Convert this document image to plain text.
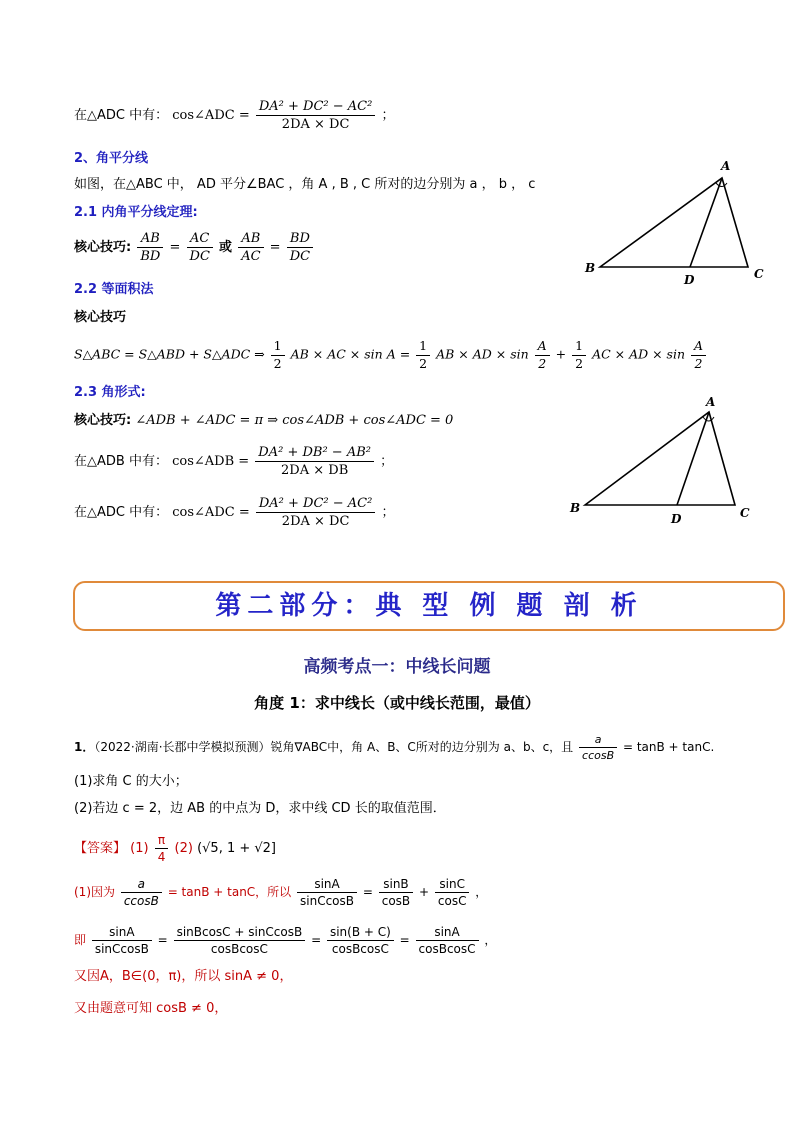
在△ADC 中有： cos∠ADC = $\frac{\text{DA² + DC² − AC²}}{2DA \times DC}$ ；
2、角平分线
如图，在△ABC 中， AD 平分∠BAC ，角 A , B , C 所对的边分别为 a ， b ， c
2.1 内角平分线定理:
核心技巧: $\frac{AB}{BD} = \frac{AC}{DC}$ 或 $\frac{AB}{AC} = \frac{BD}{DC}$
2.2 等面积法
核心技巧
S△ABC = S△ABD + S△ADC ⇒ $\frac{1}{2}$ AB × AC × $\sin A = \frac{1}{2}$ AB × AD × $\sin \frac{A}{2} + \frac{1}{2}$ AC × AD × $\sin \frac{A}{2}$
2.3 角形式:
核心技巧: ∠ADB + ∠ADC = π ⇒ cos∠ADB + cos∠ADC = 0
在△ADB 中有： cos∠ADB = $\frac{\text{DA² + DB² − AB²}}{2DA \times DB}$ ；
在△ADC 中有： cos∠ADC = $\frac{\text{DA² + DC² − AC²}}{2DA \times DC}$ ；
A
B	C
D
A
B	C
D
第二部分：典 型 例 题 剖 析
高频考点一：中线长问题
角度 1：求中线长（或中线长范围，最值）
1．（2022·湖南·长郡中学模拟预测）锐角∇ABC中，角 A、B、C所对的边分别为 a、b、c，且 $\frac{a}{ccosB} = \tan B + \tan C$.
(1)求角 C 的大小；
(2)若边 c = 2，边 AB 的中点为 D，求中线 CD 长的取值范围．
【答案】 $(1) \frac{\pi}{4} (2)$ (√5, 1 + √2]
(1)因为 $\frac{a}{ccosB} = \tan B + \tan C$，所以 $\frac{\sin A}{\text{sinCcosB}} = \frac{\sin B}{\cos B} + \frac{\sin C}{\cos C}$ ，
即 $\frac{\sin A}{\text{sinCcosB}} = \frac{\text{sinBcosC + sinCcosB}}{\text{cosBcosC}} = \frac{\sin(B + C)}{\text{cosBcosC}} = \frac{\sin A}{\text{cosBcosC}}$ ，
又因A，B∈(0，π)，所以 sinA ≠ 0，
又由题意可知 cosB ≠ 0，
